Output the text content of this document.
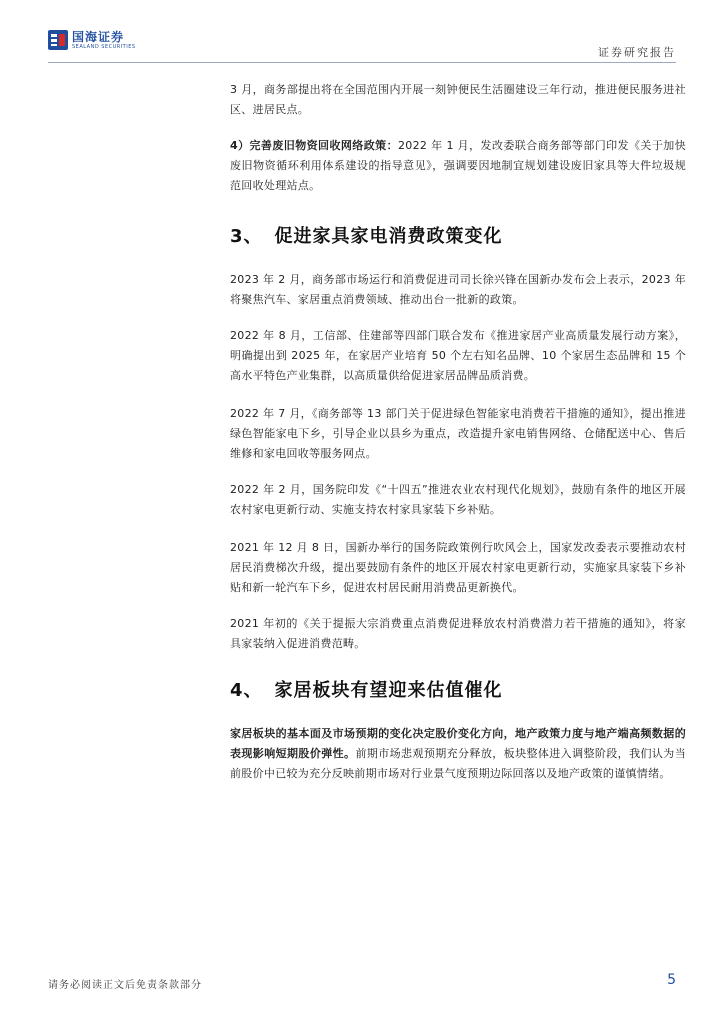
国海证券
SEALAND SECURITIES	证券研究报告

3 月，商务部提出将在全国范围内开展一刻钟便民生活圈建设三年行动，推进便民服务进社区、进居民点。

4）完善废旧物资回收网络政策：2022 年 1 月，发改委联合商务部等部门印发《关于加快废旧物资循环利用体系建设的指导意见》，强调要因地制宜规划建设废旧家具等大件垃圾规范回收处理站点。

3、 促进家具家电消费政策变化

2023 年 2 月，商务部市场运行和消费促进司司长徐兴锋在国新办发布会上表示，2023 年将聚焦汽车、家居重点消费领域、推动出台一批新的政策。

2022 年 8 月，工信部、住建部等四部门联合发布《推进家居产业高质量发展行动方案》，明确提出到 2025 年，在家居产业培育 50 个左右知名品牌、10 个家居生态品牌和 15 个高水平特色产业集群，以高质量供给促进家居品牌品质消费。

2022 年 7 月，《商务部等 13 部门关于促进绿色智能家电消费若干措施的通知》，提出推进绿色智能家电下乡，引导企业以县乡为重点，改造提升家电销售网络、仓储配送中心、售后维修和家电回收等服务网点。

2022 年 2 月，国务院印发《“十四五”推进农业农村现代化规划》，鼓励有条件的地区开展农村家电更新行动、实施支持农村家具家装下乡补贴。

2021 年 12 月 8 日，国新办举行的国务院政策例行吹风会上，国家发改委表示要推动农村居民消费梯次升级，提出要鼓励有条件的地区开展农村家电更新行动，实施家具家装下乡补贴和新一轮汽车下乡，促进农村居民耐用消费品更新换代。

2021 年初的《关于提振大宗消费重点消费促进释放农村消费潜力若干措施的通知》，将家具家装纳入促进消费范畴。

4、 家居板块有望迎来估值催化

家居板块的基本面及市场预期的变化决定股价变化方向，地产政策力度与地产端高频数据的表现影响短期股价弹性。前期市场悲观预期充分释放，板块整体进入调整阶段，我们认为当前股价中已较为充分反映前期市场对行业景气度预期边际回落以及地产政策的谨慎情绪。

请务必阅读正文后免责条款部分	5
